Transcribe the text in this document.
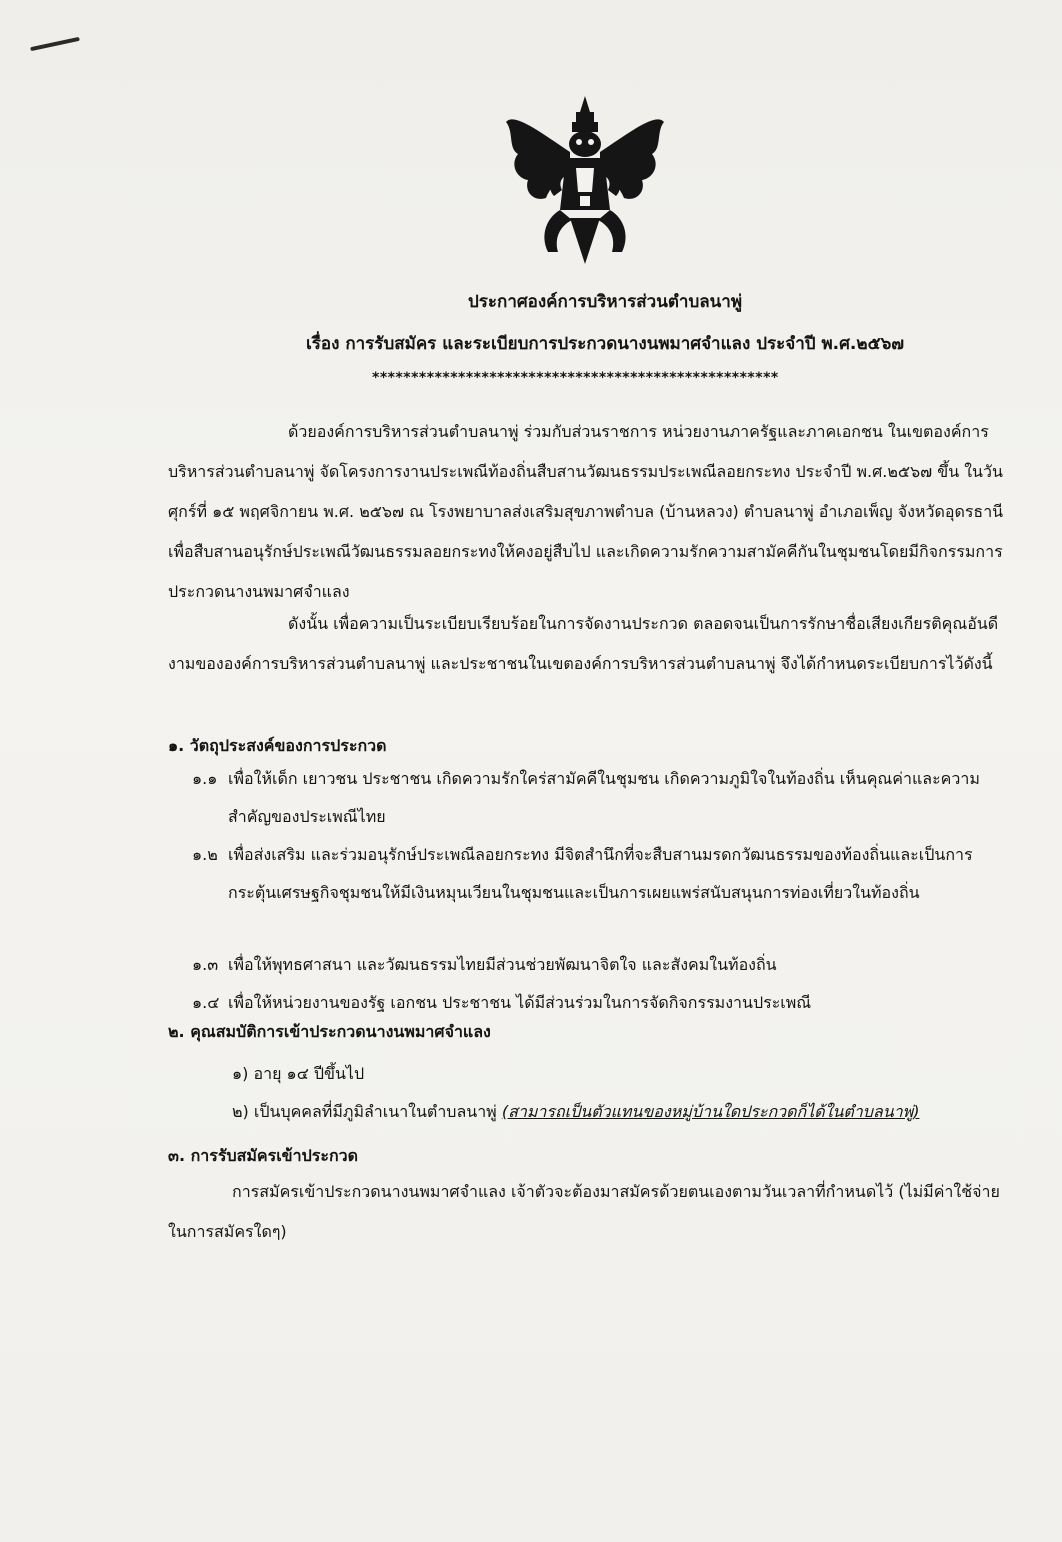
ประกาศองค์การบริหารส่วนตำบลนาพู่
เรื่อง การรับสมัคร และระเบียบการประกวดนางนพมาศจำแลง ประจำปี พ.ศ.๒๕๖๗
****************************************************

ด้วยองค์การบริหารส่วนตำบลนาพู่ ร่วมกับส่วนราชการ หน่วยงานภาครัฐและภาคเอกชน ในเขตองค์การบริหารส่วนตำบลนาพู่ จัดโครงการงานประเพณีท้องถิ่นสืบสานวัฒนธรรมประเพณีลอยกระทง ประจำปี พ.ศ.๒๕๖๗ ขึ้น ในวันศุกร์ที่ ๑๕ พฤศจิกายน พ.ศ. ๒๕๖๗ ณ โรงพยาบาลส่งเสริมสุขภาพตำบล (บ้านหลวง) ตำบลนาพู่ อำเภอเพ็ญ จังหวัดอุดรธานี เพื่อสืบสานอนุรักษ์ประเพณีวัฒนธรรมลอยกระทงให้คงอยู่สืบไป และเกิดความรักความสามัคคีกันในชุมชนโดยมีกิจกรรมการประกวดนางนพมาศจำแลง

ดังนั้น เพื่อความเป็นระเบียบเรียบร้อยในการจัดงานประกวด ตลอดจนเป็นการรักษาชื่อเสียงเกียรติคุณอันดีงามขององค์การบริหารส่วนตำบลนาพู่ และประชาชนในเขตองค์การบริหารส่วนตำบลนาพู่ จึงได้กำหนดระเบียบการไว้ดังนี้

๑. วัตถุประสงค์ของการประกวด
๑.๑ เพื่อให้เด็ก เยาวชน ประชาชน เกิดความรักใคร่สามัคคีในชุมชน เกิดความภูมิใจในท้องถิ่น เห็นคุณค่าและความสำคัญของประเพณีไทย
๑.๒ เพื่อส่งเสริม และร่วมอนุรักษ์ประเพณีลอยกระทง มีจิตสำนึกที่จะสืบสานมรดกวัฒนธรรมของท้องถิ่นและเป็นการกระตุ้นเศรษฐกิจชุมชนให้มีเงินหมุนเวียนในชุมชนและเป็นการเผยแพร่สนับสนุนการท่องเที่ยวในท้องถิ่น
๑.๓ เพื่อให้พุทธศาสนา และวัฒนธรรมไทยมีส่วนช่วยพัฒนาจิตใจ และสังคมในท้องถิ่น
๑.๔ เพื่อให้หน่วยงานของรัฐ เอกชน ประชาชน ได้มีส่วนร่วมในการจัดกิจกรรมงานประเพณี
๒. คุณสมบัติการเข้าประกวดนางนพมาศจำแลง
๑) อายุ ๑๔ ปีขึ้นไป
๒) เป็นบุคคลที่มีภูมิลำเนาในตำบลนาพู่ (สามารถเป็นตัวแทนของหมู่บ้านใดประกวดก็ได้ในตำบลนาพู่)
๓. การรับสมัครเข้าประกวด

การสมัครเข้าประกวดนางนพมาศจำแลง เจ้าตัวจะต้องมาสมัครด้วยตนเองตามวันเวลาที่กำหนดไว้ (ไม่มีค่าใช้จ่ายในการสมัครใดๆ)
